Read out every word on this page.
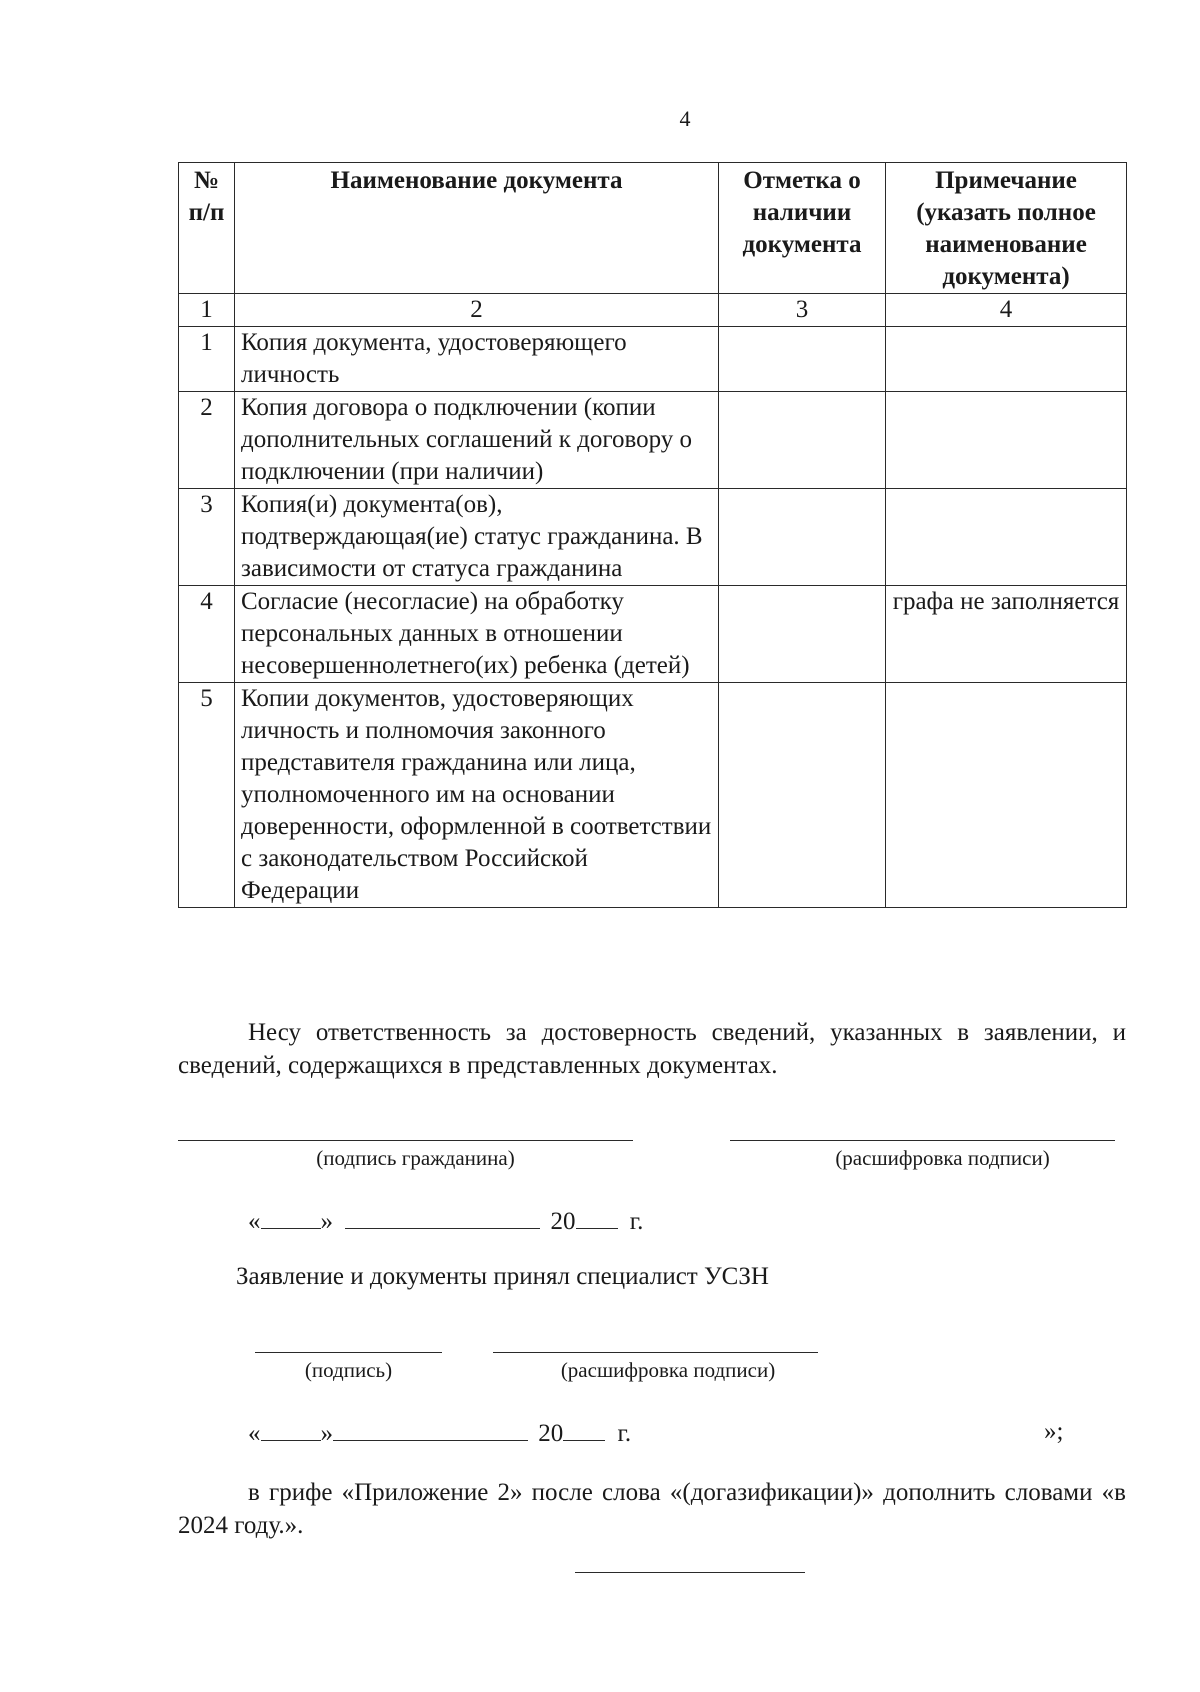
4
№ п/п	Наименование документа	Отметка о наличии документа	Примечание (указать полное наименование документа)
1	2	3	4
1	Копия документа, удостоверяющего личность		
2	Копия договора о подключении (копии дополнительных соглашений к договору о подключении (при наличии)		
3	Копия(и) документа(ов), подтверждающая(ие) статус гражданина. В зависимости от статуса гражданина		
4	Согласие (несогласие) на обработку персональных данных в отношении несовершеннолетнего(их) ребенка (детей)		графа не заполняется
5	Копии документов, удостоверяющих личность и полномочия законного представителя гражданина или лица, уполномоченного им на основании доверенности, оформленной в соответствии с законодательством Российской Федерации		
Несу ответственность за достоверность сведений, указанных в заявлении, и сведений, содержащихся в представленных документах.
(подпись гражданина)	(расшифровка подписи)
« »	20 г.
Заявление и документы принял специалист УСЗН
(подпись)	(расшифровка подписи)
« »	20 г.	»;
в грифе «Приложение 2» после слова «(догазификации)» дополнить словами «в 2024 году.».
